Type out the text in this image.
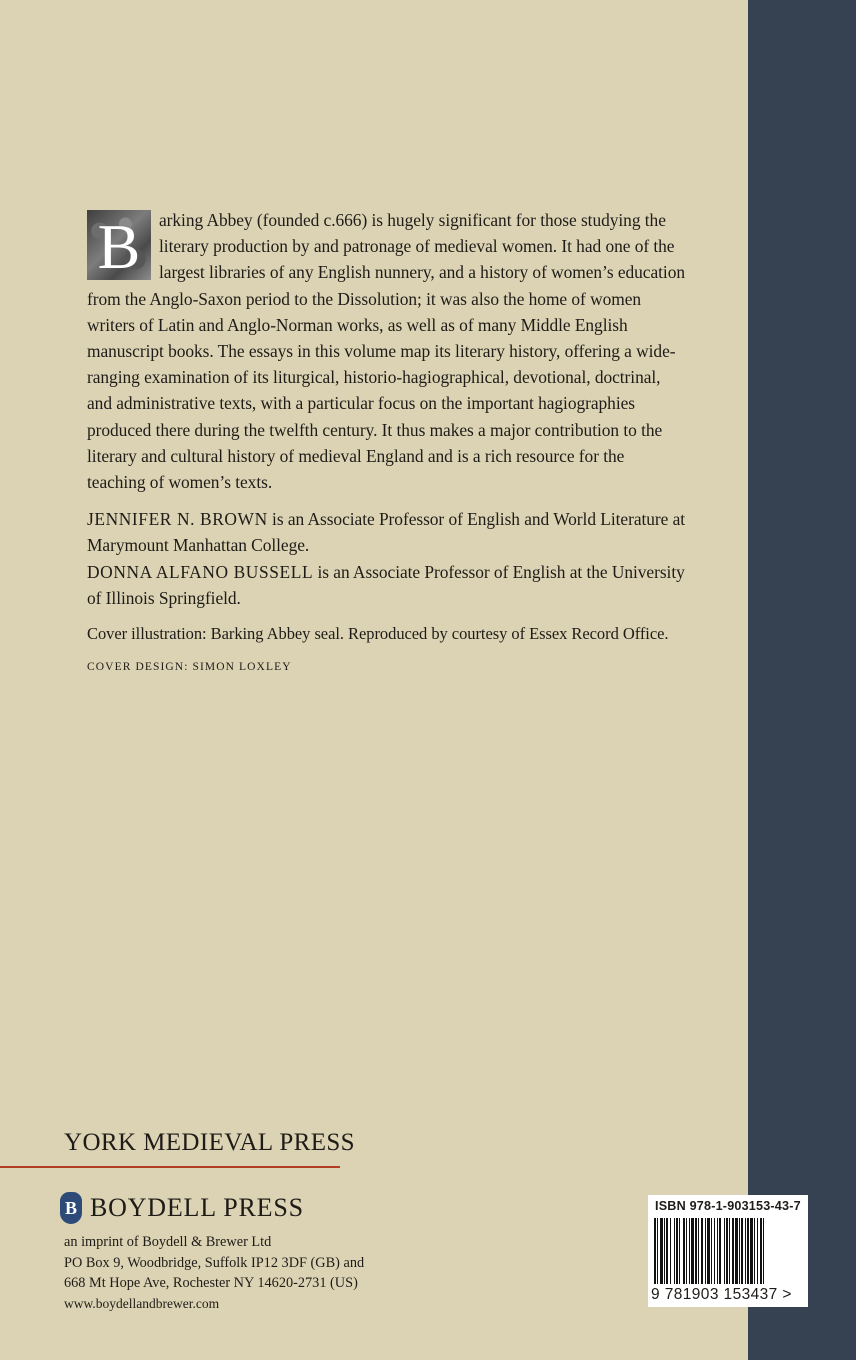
B	arking Abbey (founded c.666) is hugely significant for those studying the literary production by and patronage of medieval women. It had one of the largest libraries of any English nunnery, and a history of women’s education from the Anglo-Saxon period to the Dissolution; it was also the home of women writers of Latin and Anglo-Norman works, as well as of many Middle English manuscript books. The essays in this volume map its literary history, offering a wide-ranging examination of its liturgical, historio-hagiographical, devotional, doctrinal, and administrative texts, with a particular focus on the important hagiographies produced there during the twelfth century. It thus makes a major contribution to the literary and cultural history of medieval England and is a rich resource for the teaching of women’s texts.

JENNIFER N. BROWN is an Associate Professor of English and World Literature at Marymount Manhattan College.

DONNA ALFANO BUSSELL is an Associate Professor of English at the University of Illinois Springfield.

Cover illustration: Barking Abbey seal. Reproduced by courtesy of Essex Record Office.

COVER DESIGN: SIMON LOXLEY

YORK MEDIEVAL PRESS
B BOYDELL PRESS
an imprint of Boydell & Brewer Ltd
PO Box 9, Woodbridge, Suffolk IP12 3DF (GB) and
668 Mt Hope Ave, Rochester NY 14620-2731 (US)
www.boydellandbrewer.com
ISBN 978-1-903153-43-7
9 781903 153437 >
